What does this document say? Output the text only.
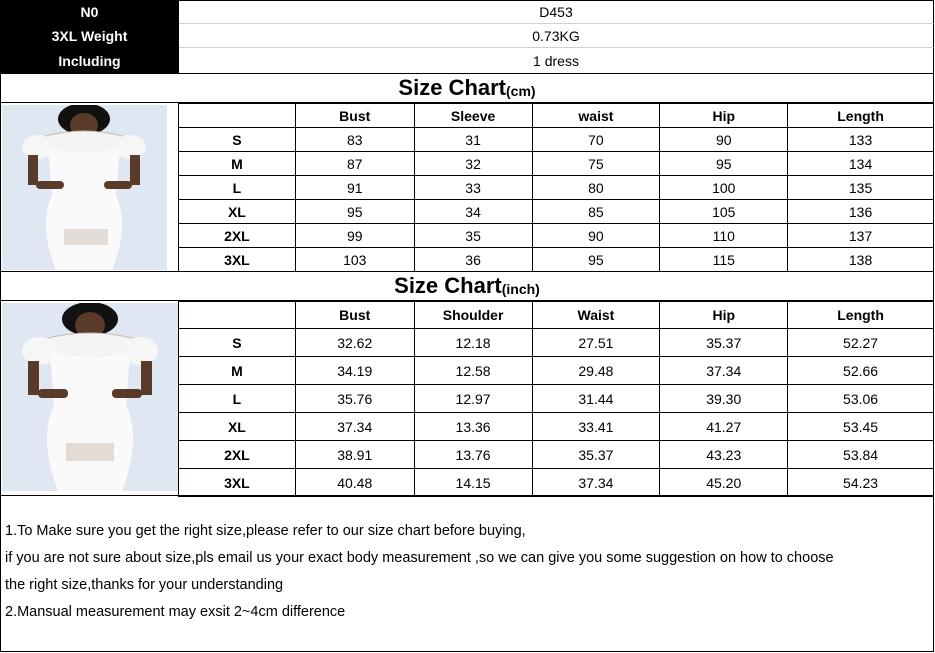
N0	D453
3XL Weight	0.73KG
Including	1 dress
Size Chart (cm)
	Bust	Sleeve	waist	Hip	Length
S	83	31	70	90	133
M	87	32	75	95	134
L	91	33	80	100	135
XL	95	34	85	105	136
2XL	99	35	90	110	137
3XL	103	36	95	115	138
Size Chart (inch)
	Bust	Shoulder	Waist	Hip	Length
S	32.62	12.18	27.51	35.37	52.27
M	34.19	12.58	29.48	37.34	52.66
L	35.76	12.97	31.44	39.30	53.06
XL	37.34	13.36	33.41	41.27	53.45
2XL	38.91	13.76	35.37	43.23	53.84
3XL	40.48	14.15	37.34	45.20	54.23
1.To Make sure you get the right size,please refer to our size chart before buying,
if you are not sure about size,pls email us your exact body measurement ,so we can give you some suggestion on how to choose
the right size,thanks for your understanding
2.Mansual measurement may exsit 2~4cm difference
